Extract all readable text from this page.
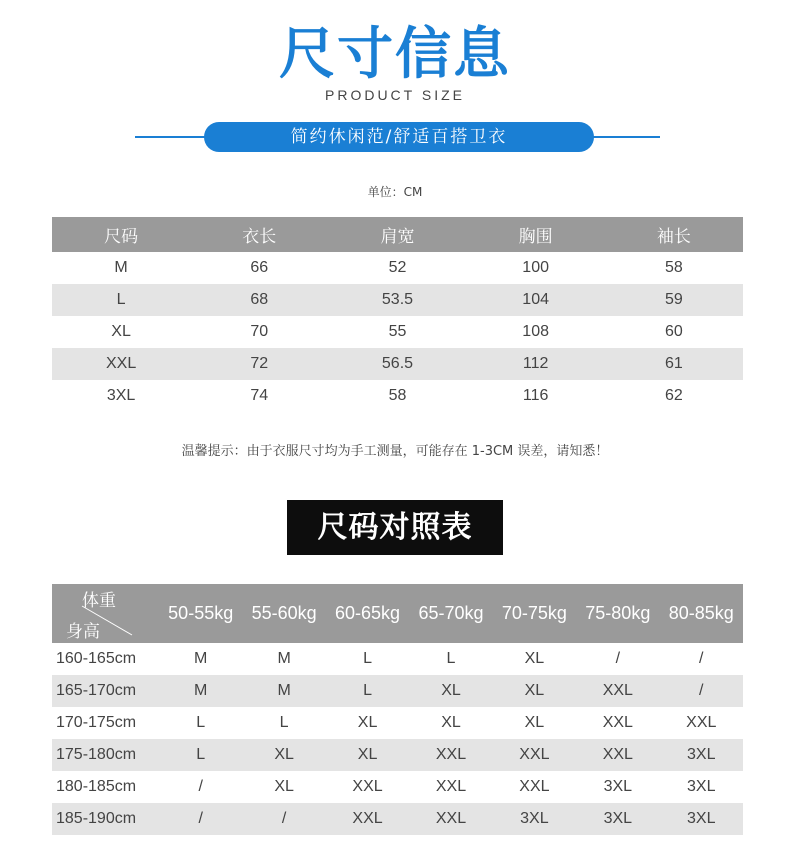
尺寸信息
PRODUCT SIZE
简约休闲范/舒适百搭卫衣
单位：CM
尺码	衣长	肩宽	胸围	袖长
M	66	52	100	58
L	68	53.5	104	59
XL	70	55	108	60
XXL	72	56.5	112	61
3XL	74	58	116	62
温馨提示：由于衣服尺寸均为手工测量，可能存在 1-3CM 误差，请知悉！
尺码对照表
体重
身高	50-55kg	55-60kg	60-65kg	65-70kg	70-75kg	75-80kg	80-85kg
160-165cm	M	M	L	L	XL	/	/
165-170cm	M	M	L	XL	XL	XXL	/
170-175cm	L	L	XL	XL	XL	XXL	XXL
175-180cm	L	XL	XL	XXL	XXL	XXL	3XL
180-185cm	/	XL	XXL	XXL	XXL	3XL	3XL
185-190cm	/	/	XXL	XXL	3XL	3XL	3XL
